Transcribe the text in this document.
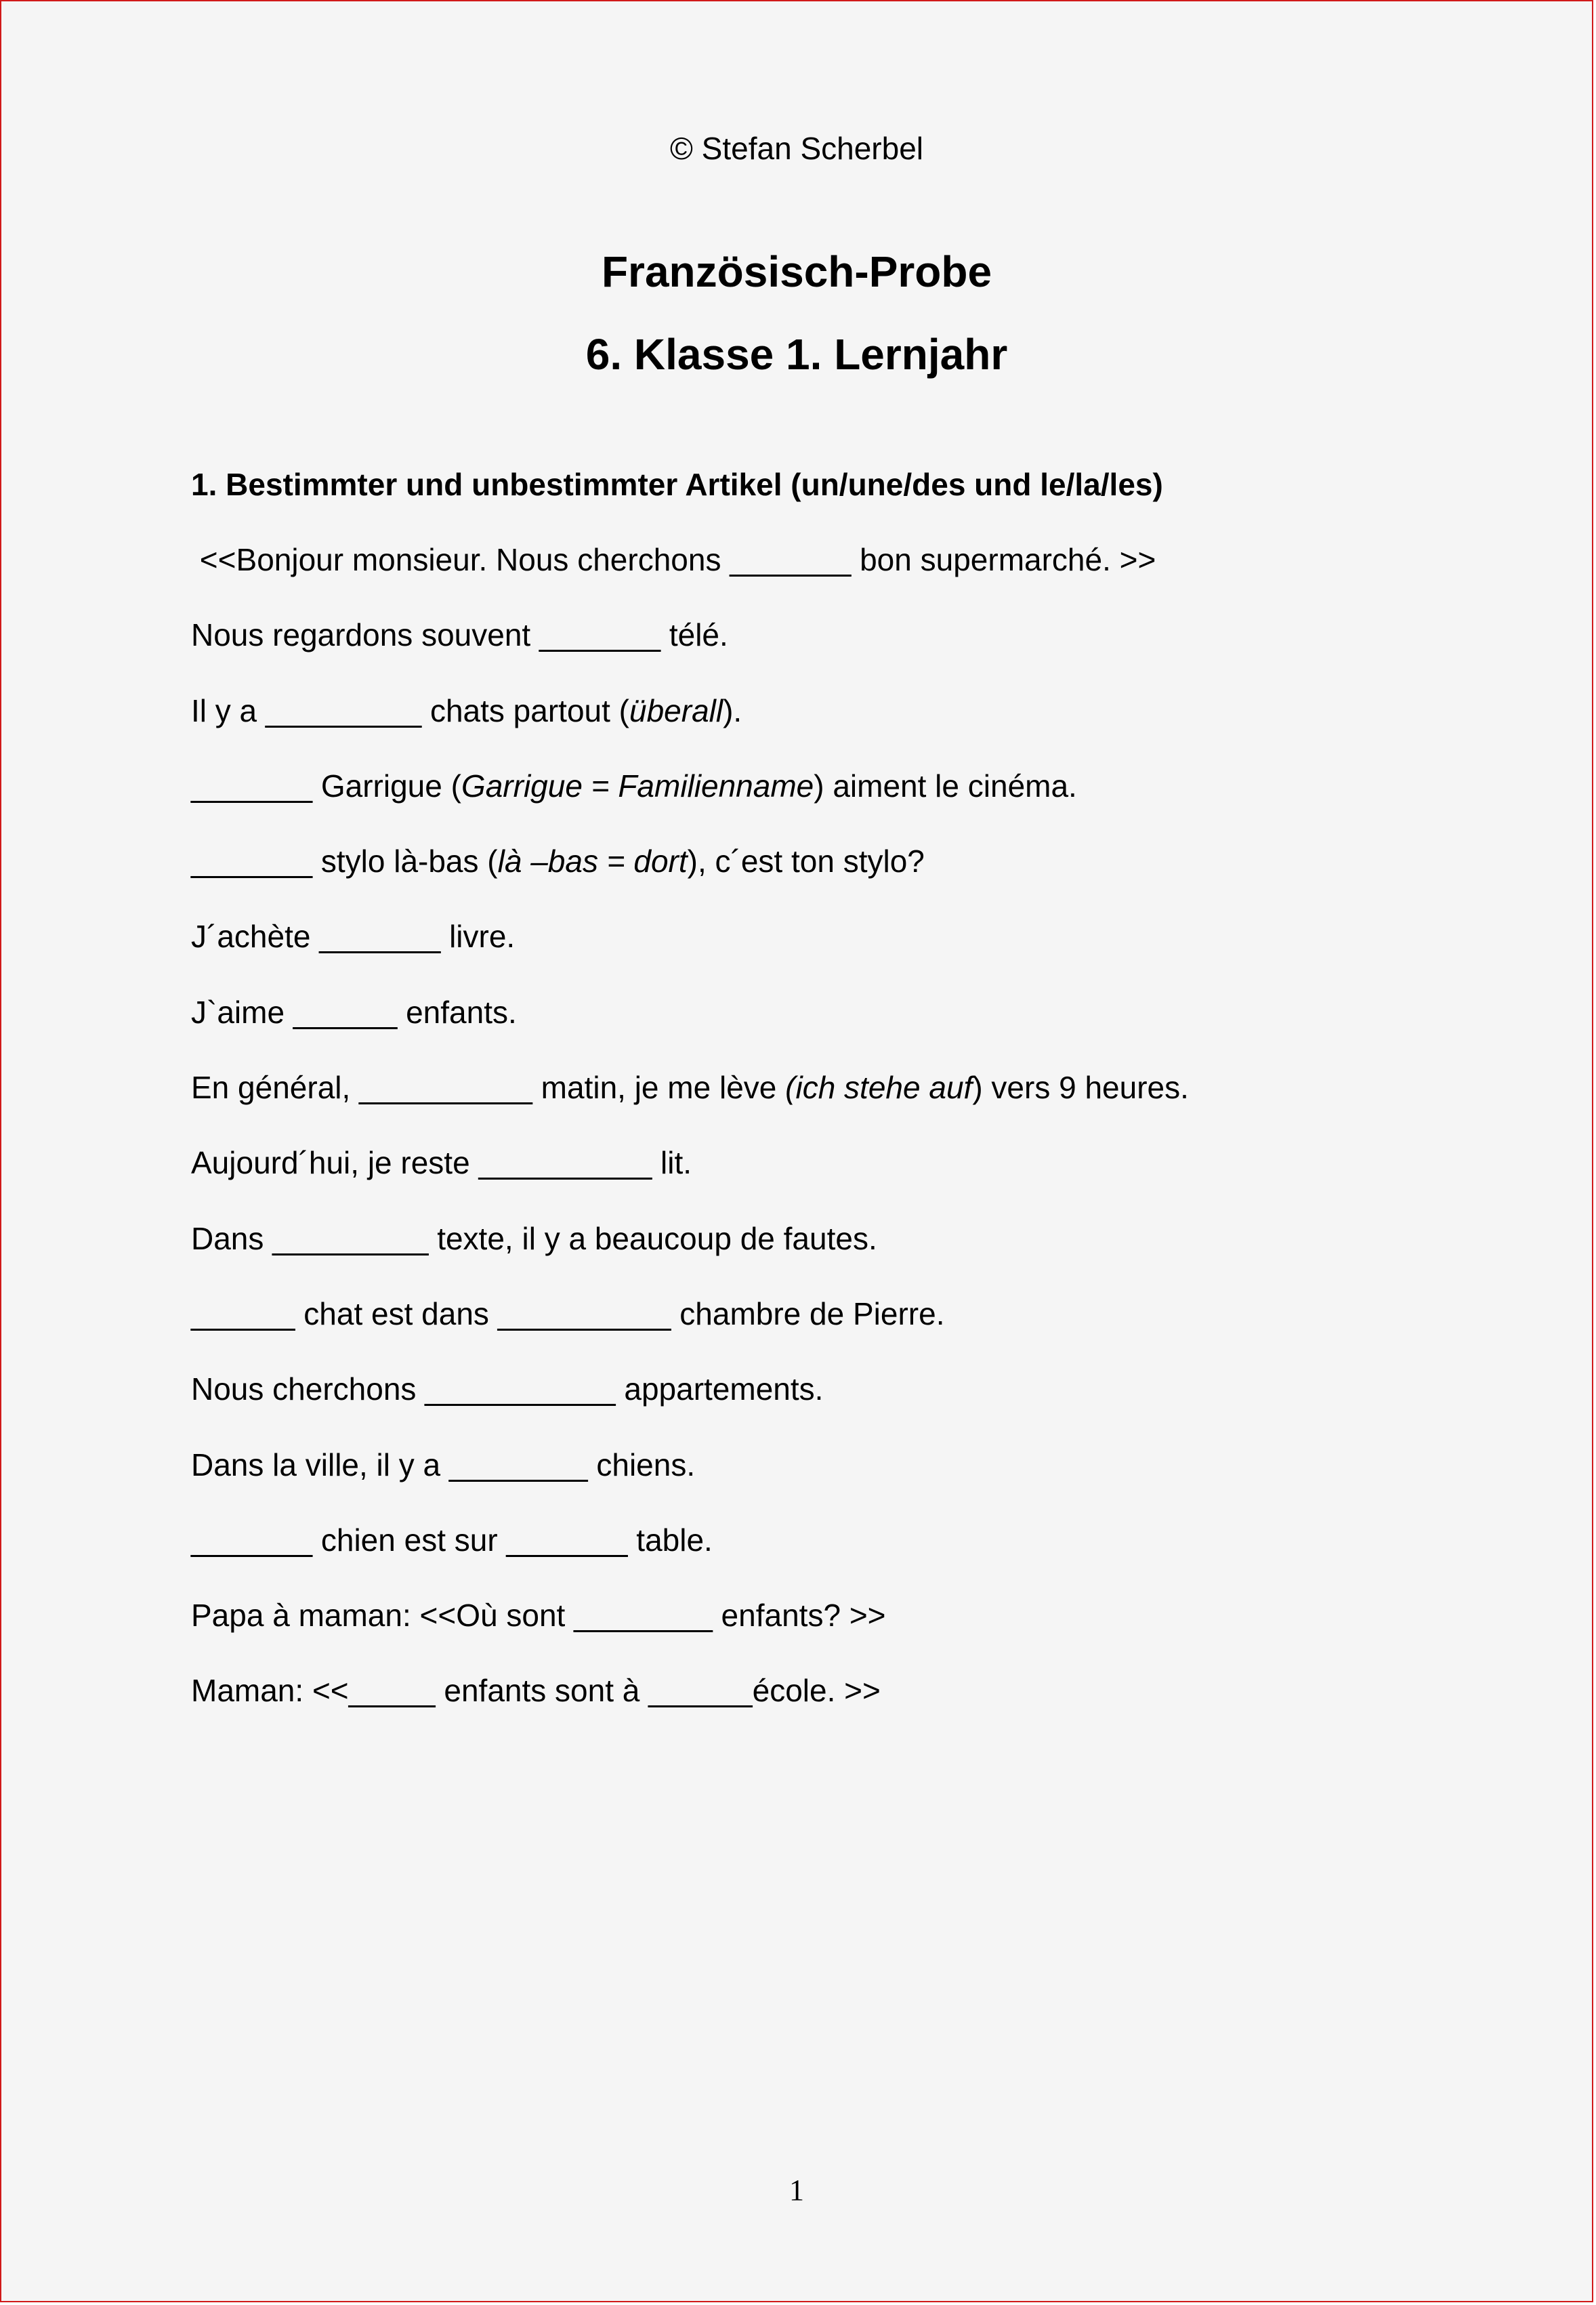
© Stefan Scherbel
Französisch-Probe
6. Klasse 1. Lernjahr
1. Bestimmter und unbestimmter Artikel (un/une/des und le/la/les)
<<Bonjour monsieur. Nous cherchons _______ bon supermarché. >>
Nous regardons souvent _______ télé.
Il y a _________ chats partout (überall).
_______ Garrigue (Garrigue = Familienname) aiment le cinéma.
_______ stylo là-bas (là –bas = dort), c´est ton stylo?
J´achète _______ livre.
J`aime ______ enfants.
En général, __________ matin, je me lève (ich stehe auf) vers 9 heures.
Aujourd´hui, je reste __________ lit.
Dans _________ texte, il y a beaucoup de fautes.
______ chat est dans __________ chambre de Pierre.
Nous cherchons ___________ appartements.
Dans la ville, il y a ________ chiens.
_______ chien est sur _______ table.
Papa à maman: <<Où sont ________ enfants? >>
Maman: <<_____ enfants sont à ______école. >>
1
